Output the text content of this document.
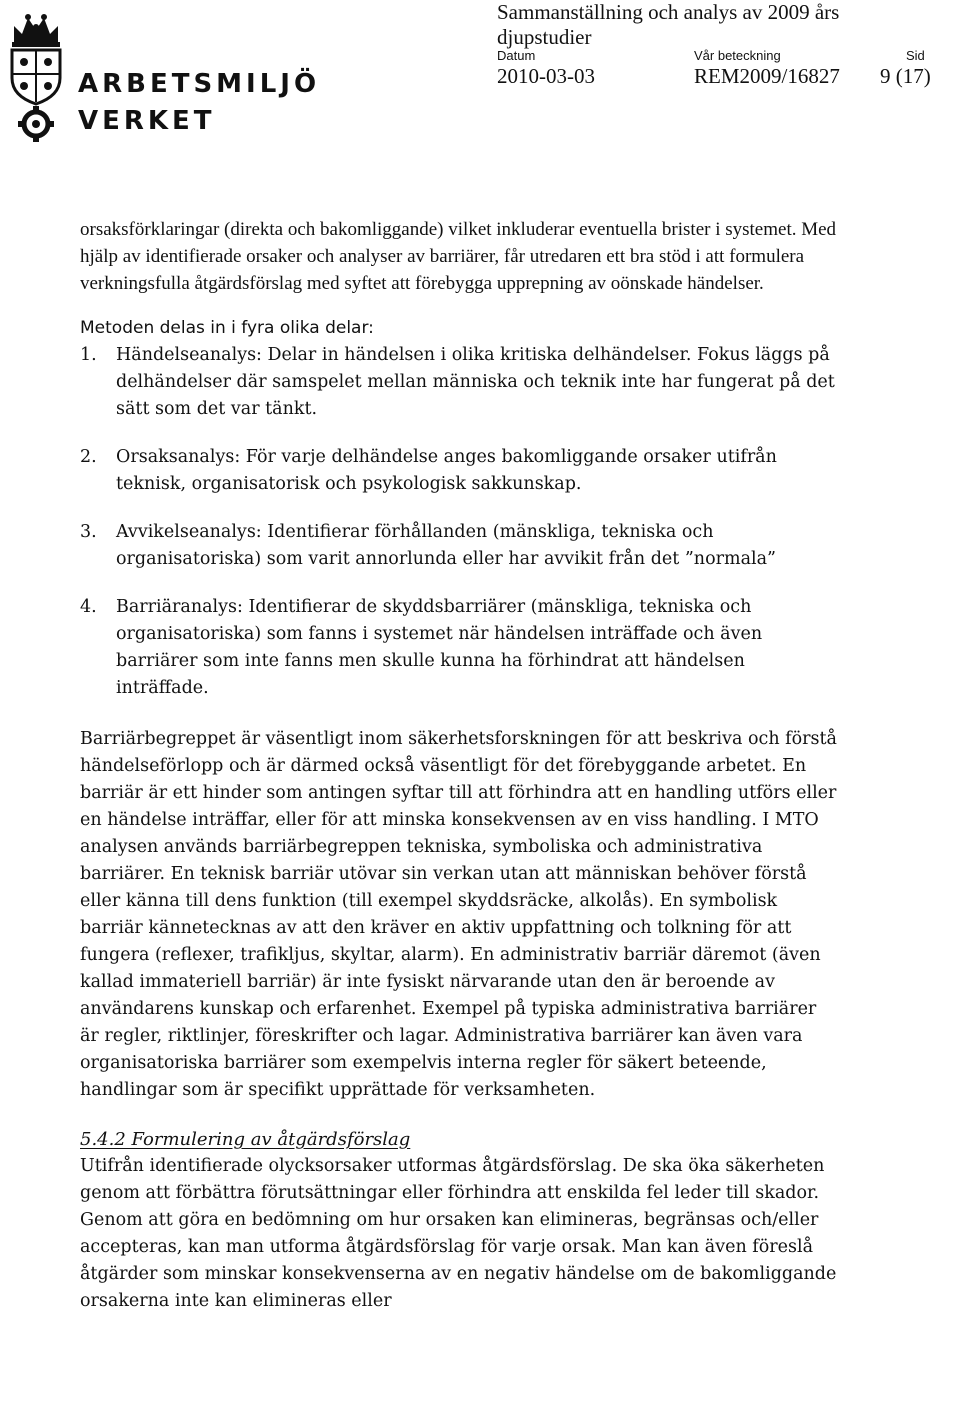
ARBETSMILJÖ
VERKET
Sammanställning och analys av 2009 års
djupstudier
Datum
2010-03-03
Vår beteckning
REM2009/16827
Sid
9 (17)

orsaksförklaringar (direkta och bakomliggande) vilket inkluderar eventuella brister i systemet. Med hjälp av identifierade orsaker och analyser av barriärer, får utredaren ett bra stöd i att formulera verkningsfulla åtgärdsförslag med syftet att förebygga upprepning av oönskade händelser.

Metoden delas in i fyra olika delar:

1.	Händelseanalys: Delar in händelsen i olika kritiska delhändelser. Fokus läggs på delhändelser där samspelet mellan människa och teknik inte har fungerat på det sätt som det var tänkt.
2.	Orsaksanalys: För varje delhändelse anges bakomliggande orsaker utifrån teknisk, organisatorisk och psykologisk sakkunskap.
3.	Avvikelseanalys: Identifierar förhållanden (mänskliga, tekniska och organisatoriska) som varit annorlunda eller har avvikit från det ”normala”
4.	Barriäranalys: Identifierar de skyddsbarriärer (mänskliga, tekniska och organisatoriska) som fanns i systemet när händelsen inträffade och även barriärer som inte fanns men skulle kunna ha förhindrat att händelsen inträffade.

Barriärbegreppet är väsentligt inom säkerhetsforskningen för att beskriva och förstå händelseförlopp och är därmed också väsentligt för det förebyggande arbetet. En barriär är ett hinder som antingen syftar till att förhindra att en handling utförs eller en händelse inträffar, eller för att minska konsekvensen av en viss handling. I MTO analysen används barriärbegreppen tekniska, symboliska och administrativa barriärer. En teknisk barriär utövar sin verkan utan att människan behöver förstå eller känna till dens funktion (till exempel skyddsräcke, alkolås). En symbolisk barriär kännetecknas av att den kräver en aktiv uppfattning och tolkning för att fungera (reflexer, trafikljus, skyltar, alarm). En administrativ barriär däremot (även kallad immateriell barriär) är inte fysiskt närvarande utan den är beroende av användarens kunskap och erfarenhet. Exempel på typiska administrativa barriärer är regler, riktlinjer, föreskrifter och lagar. Administrativa barriärer kan även vara organisatoriska barriärer som exempelvis interna regler för säkert beteende, handlingar som är specifikt upprättade för verksamheten.

5.4.2 Formulering av åtgärdsförslag

Utifrån identifierade olycksorsaker utformas åtgärdsförslag. De ska öka säkerheten genom att förbättra förutsättningar eller förhindra att enskilda fel leder till skador. Genom att göra en bedömning om hur orsaken kan elimineras, begränsas och/eller accepteras, kan man utforma åtgärdsförslag för varje orsak. Man kan även föreslå åtgärder som minskar konsekvenserna av en negativ händelse om de bakomliggande orsakerna inte kan elimineras eller
